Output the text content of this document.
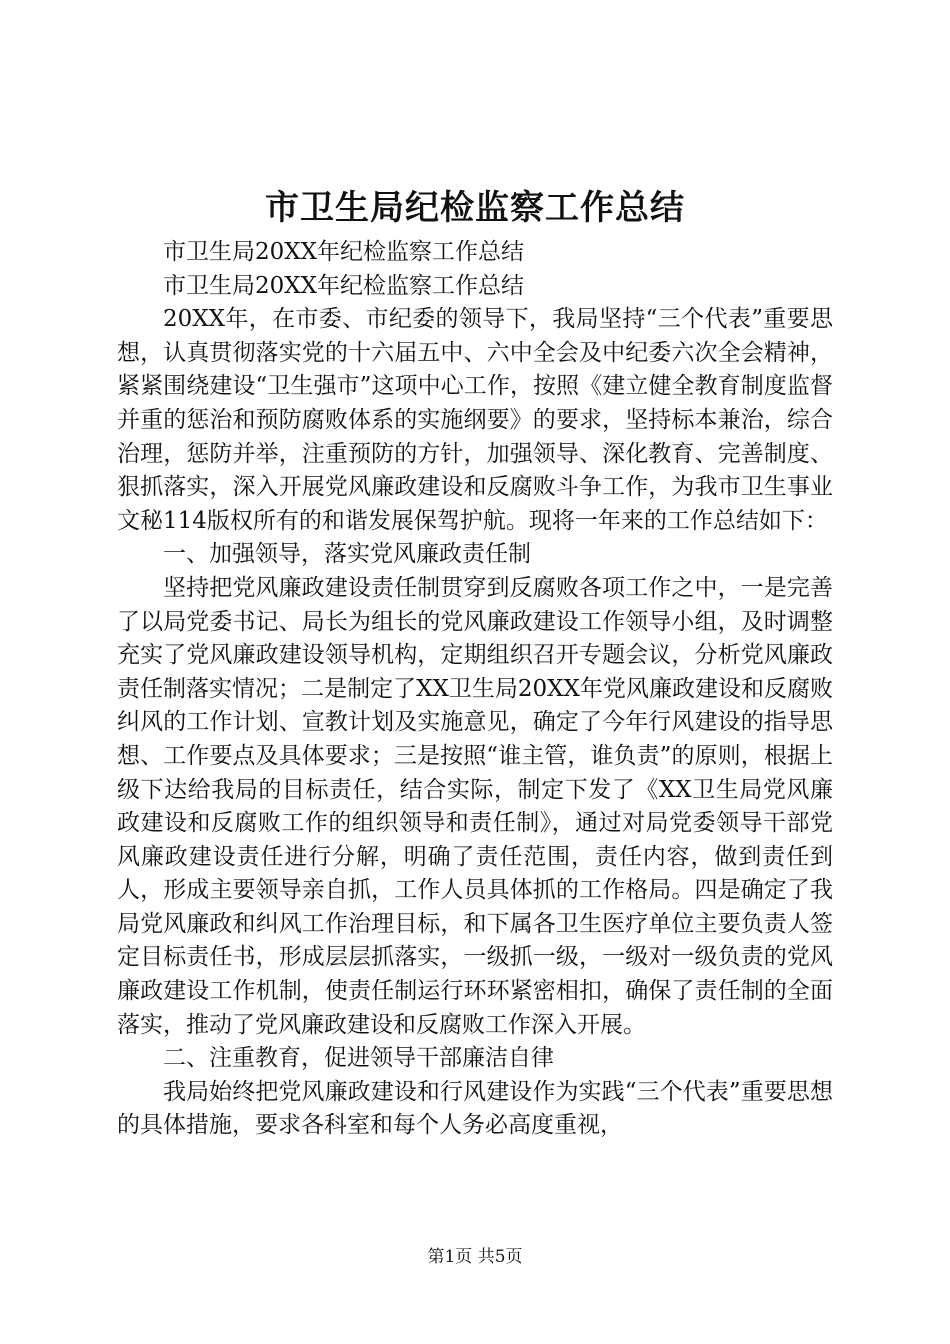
市卫生局纪检监察工作总结

市卫生局20XX年纪检监察工作总结

市卫生局20XX年纪检监察工作总结

20XX年，在市委、市纪委的领导下，我局坚持“三个代表”重要思想，认真贯彻落实党的十六届五中、六中全会及中纪委六次全会精神，紧紧围绕建设“卫生强市”这项中心工作，按照《建立健全教育制度监督并重的惩治和预防腐败体系的实施纲要》的要求，坚持标本兼治，综合治理，惩防并举，注重预防的方针，加强领导、深化教育、完善制度、狠抓落实，深入开展党风廉政建设和反腐败斗争工作，为我市卫生事业文秘114版权所有的和谐发展保驾护航。现将一年来的工作总结如下：

一、加强领导，落实党风廉政责任制

坚持把党风廉政建设责任制贯穿到反腐败各项工作之中，一是完善了以局党委书记、局长为组长的党风廉政建设工作领导小组，及时调整充实了党风廉政建设领导机构，定期组织召开专题会议，分析党风廉政责任制落实情况；二是制定了XX卫生局20XX年党风廉政建设和反腐败纠风的工作计划、宣教计划及实施意见，确定了今年行风建设的指导思想、工作要点及具体要求；三是按照“谁主管，谁负责”的原则，根据上级下达给我局的目标责任，结合实际，制定下发了《XX卫生局党风廉政建设和反腐败工作的组织领导和责任制》，通过对局党委领导干部党风廉政建设责任进行分解，明确了责任范围，责任内容，做到责任到人，形成主要领导亲自抓，工作人员具体抓的工作格局。四是确定了我局党风廉政和纠风工作治理目标，和下属各卫生医疗单位主要负责人签定目标责任书，形成层层抓落实，一级抓一级，一级对一级负责的党风廉政建设工作机制，使责任制运行环环紧密相扣，确保了责任制的全面落实，推动了党风廉政建设和反腐败工作深入开展。

二、注重教育，促进领导干部廉洁自律

我局始终把党风廉政建设和行风建设作为实践“三个代表”重要思想的具体措施，要求各科室和每个人务必高度重视，

第1页 共5页
